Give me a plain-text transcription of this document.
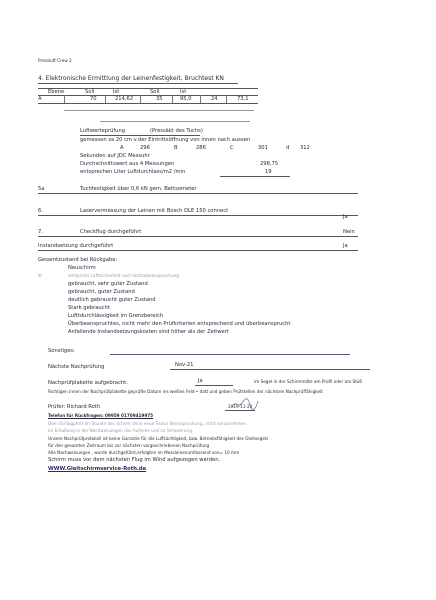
Pressluft Crew 2
4. Elektronische Ermittlung der Leinenfestigkeit, Bruchtest KN
Ebene	Soll	Ist	Soll	Ist
A	70	214,62	35	95,0	24	73,1
Luftwerteprüfung	(Pressäkt des Tuchs)
gemessen za 20 cm v.der Eintrittsöffnung von innen nach aussen
A	296	B	286	C	301	d 312
Sekunden auf JDC Messuhr
Durchschnittswert aus 4 Messungen	298,75
entsprechen Liter Luftdurchlass/m2 /min	19
5a	Tuchfestigkeit über 0,6 kN gem. Bettsometer
6.	Laservermessung der Leinen mit Bosch DLE 150 connect
Ja
7.	Checkflug durchgeführt	Nein
Instandsetzung durchgeführt	Ja
Gesamtzustand bei Rückgabe:
Neuschirm
☒	entspricht Lufttsicherheit und nachzubeanspruchung
gebraucht, sehr guter Zustand
gebraucht, guter Zustand
deutlich gebraucht guter Zustand
Stark gebraucht
Lufttdurchlässigkeit im Grenzbereich
Überbeanspruchtes, nicht mehr den Prüfkriterien entsprechend und überbeansprucht
Anfallende Instandsetzungskosten sind höher als der Zeitwert
Sonstiges:
Nächste Nachprüfung	Nov-21
Nachprüfplakette aufgebracht:	Ja	im Segel in der Schirmmitte am Profil oder am Stoß
Richtigen innen der Nachprüfplakette geprüfte Datum ins weißes Feld • datt und geben Prüfstellen der nächsten Nachprüffähigkeit
Prüfer: Richard Roth	2019-11-23
Telefon für Rückfragen: 09959 01709419975
Dem Schlagpfert im Stunde des Schirm ohne neue Textur Beanspruchung, nicht vorzunehmen.
im Erhaltung in der Nachweisungen das Aufsehe und zu Verwahrung.
Unsere Nachprüfprotokoll ist keine Garantie für die Lufttüchtigkeit, bzw. Betriebsfähigkeit des Gleitsegels
für den gesamten Zeitraum bis zur nächsten vorgeschriebenen Nachprüfung
Alle Nachweisungen , wurde durchgeführt,erfolgten im Messleinenumfassend von= 10 mm
Schirm muss vor dem nächsten Flug im Wind aufgezogen werden.
WWW.Gleitschirmservice-Roth.de
